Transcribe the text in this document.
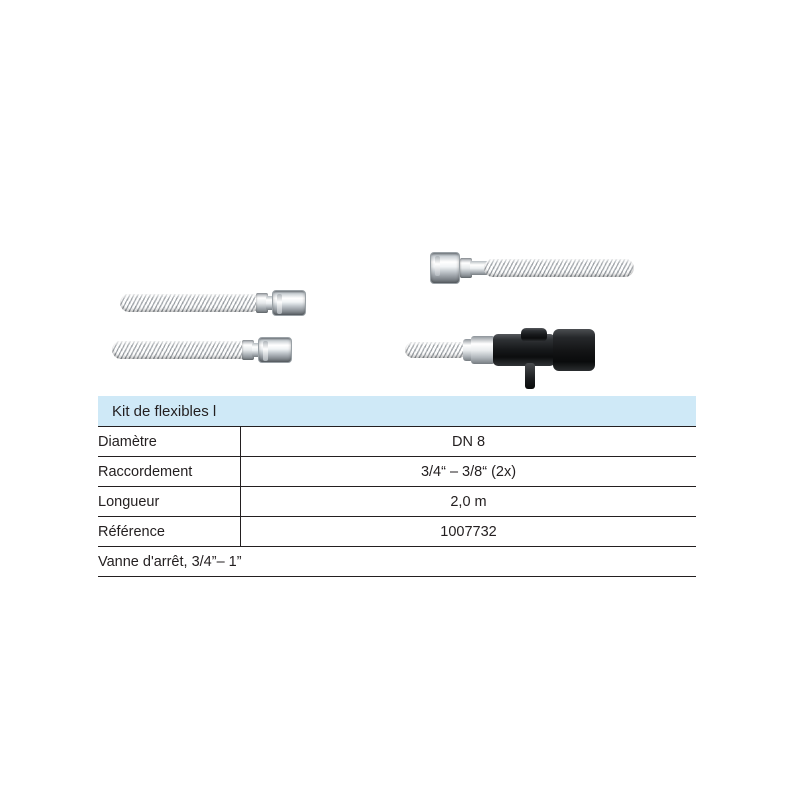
Kit de flexibles l	
Diamètre	DN 8
Raccordement	3/4“ – 3/8“ (2x)
Longueur	2,0 m
Référence	1007732
Vanne d'arrêt, 3/4”– 1”	
